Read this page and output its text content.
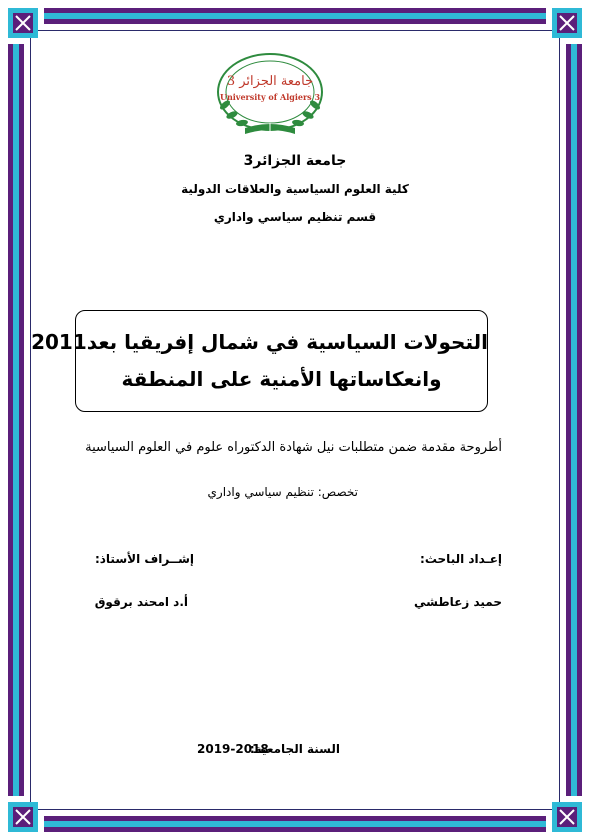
جامعة الجزائر 3
University of Algiers 3
جامعة الجزائر3
كلية العلوم السياسية والعلاقات الدولية
قسم تنظيم سياسي واداري
التحولات السياسية في شمال إفريقيا بعد2011
وانعكاساتها الأمنية على المنطقة
أطروحة مقدمة ضمن متطلبات نيل شهادة الدكتوراه علوم في العلوم السياسية
تخصص: تنظيم سياسي واداري
إعـداد الباحث:
إشــراف الأستاذ:
حميد زعاطشي
أ.د امحند برقوق
السنة الجامعية:
2019-2018
